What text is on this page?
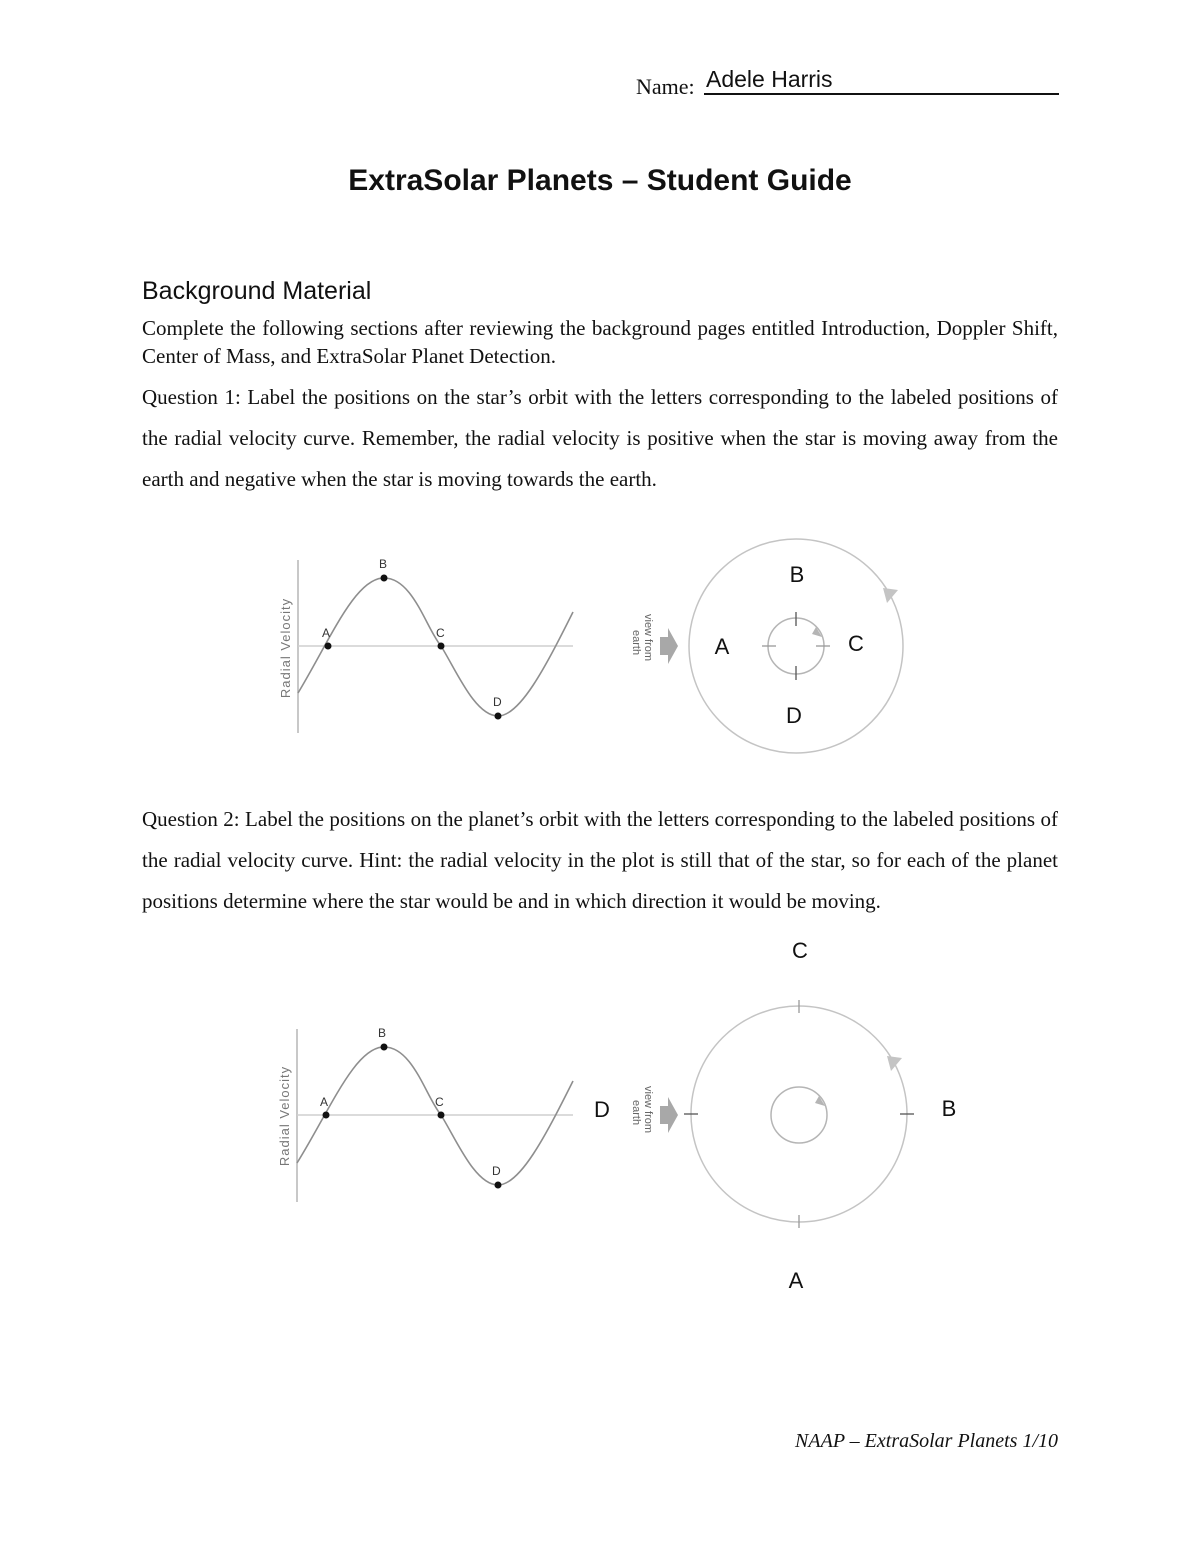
Name: Adele Harris
ExtraSolar Planets – Student Guide
Background Material
Complete the following sections after reviewing the background pages entitled Introduction, Doppler Shift, Center of Mass, and ExtraSolar Planet Detection.
Question 1: Label the positions on the star’s orbit with the letters corresponding to the labeled positions of the radial velocity curve. Remember, the radial velocity is positive when the star is moving away from the earth and negative when the star is moving towards the earth.
Radial Velocity A
B
C
D
view from
earth
B
A	C
D
Question 2: Label the positions on the planet’s orbit with the letters corresponding to the labeled positions of the radial velocity curve. Hint: the radial velocity in the plot is still that of the star, so for each of the planet positions determine where the star would be and in which direction it would be moving.
Radial Velocity A
B
C
D
view from
earth
C
D	B
A
NAAP – ExtraSolar Planets 1/10
